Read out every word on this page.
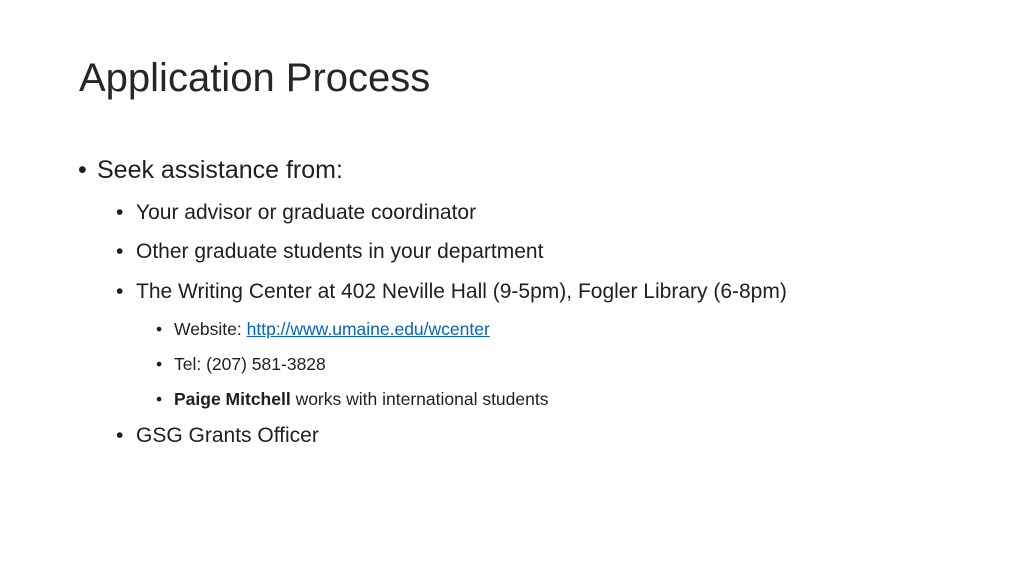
Application Process
• Seek assistance from:
• Your advisor or graduate coordinator
• Other graduate students in your department
• The Writing Center at 402 Neville Hall (9-5pm), Fogler Library (6-8pm)
• Website: http://www.umaine.edu/wcenter
• Tel: (207) 581-3828
• Paige Mitchell works with international students
• GSG Grants Officer
